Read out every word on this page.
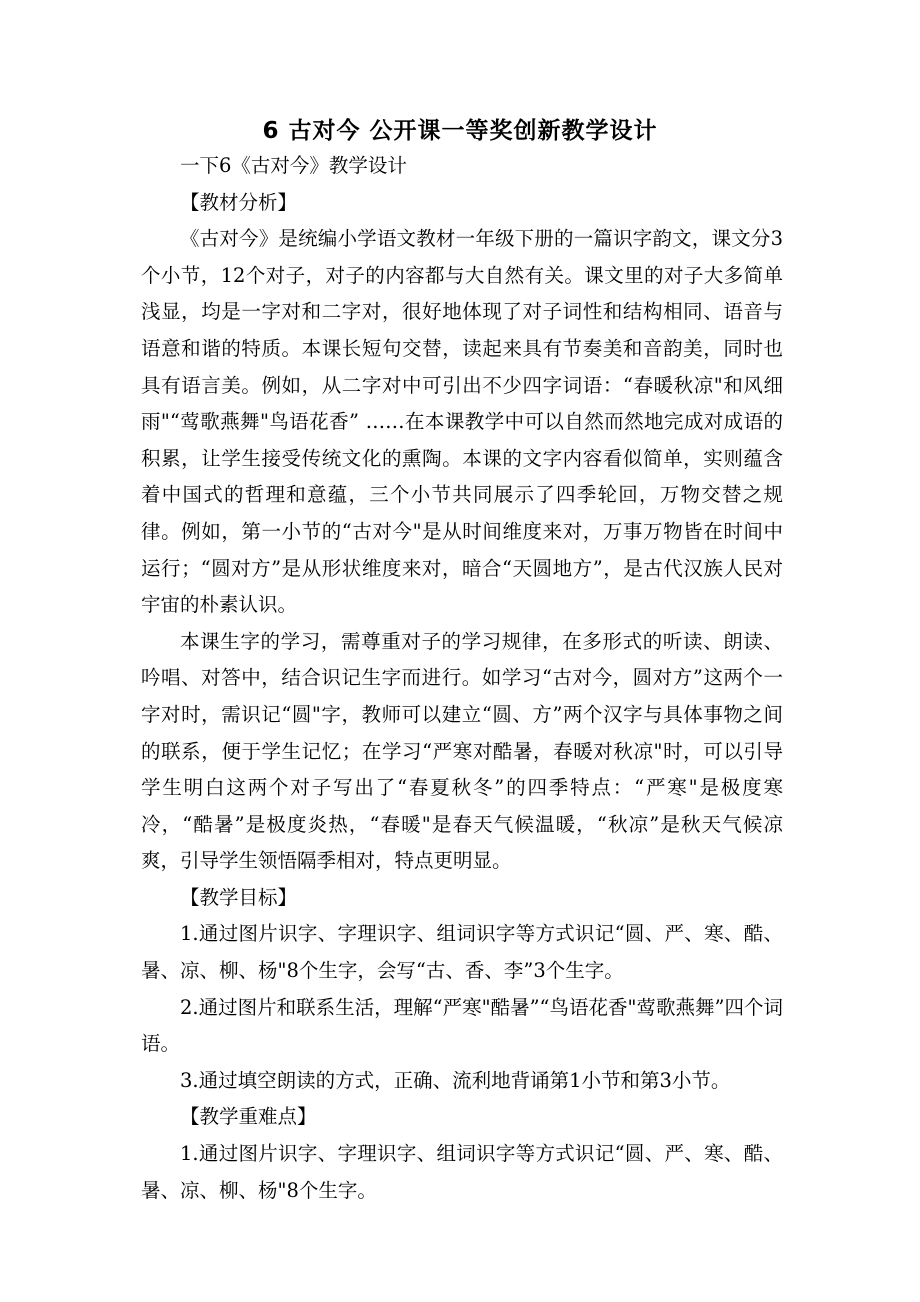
6 古对今 公开课一等奖创新教学设计

一下6《古对今》教学设计

【教材分析】

《古对今》是统编小学语文教材一年级下册的一篇识字韵文，课文分3个小节，12个对子，对子的内容都与大自然有关。课文里的对子大多简单浅显，均是一字对和二字对，很好地体现了对子词性和结构相同、语音与语意和谐的特质。本课长短句交替，读起来具有节奏美和音韵美，同时也具有语言美。例如，从二字对中可引出不少四字词语：“春暖秋凉"和风细雨"“莺歌燕舞"鸟语花香” ……在本课教学中可以自然而然地完成对成语的积累，让学生接受传统文化的熏陶。本课的文字内容看似简单，实则蕴含着中国式的哲理和意蕴，三个小节共同展示了四季轮回，万物交替之规律。例如，第一小节的“古对今"是从时间维度来对，万事万物皆在时间中运行；“圆对方”是从形状维度来对，暗合“天圆地方”，是古代汉族人民对宇宙的朴素认识。

本课生字的学习，需尊重对子的学习规律，在多形式的听读、朗读、吟唱、对答中，结合识记生字而进行。如学习“古对今，圆对方”这两个一字对时，需识记“圆"字，教师可以建立“圆、方”两个汉字与具体事物之间的联系，便于学生记忆；在学习“严寒对酷暑，春暖对秋凉"时，可以引导学生明白这两个对子写出了“春夏秋冬”的四季特点：“严寒"是极度寒冷，“酷暑”是极度炎热，“春暖"是春天气候温暖，“秋凉”是秋天气候凉爽，引导学生领悟隔季相对，特点更明显。

【教学目标】

1.通过图片识字、字理识字、组词识字等方式识记“圆、严、寒、酷、暑、凉、柳、杨"8个生字，会写“古、香、李”3个生字。

2.通过图片和联系生活，理解“严寒"酷暑”“鸟语花香"莺歌燕舞”四个词语。

3.通过填空朗读的方式，正确、流利地背诵第1小节和第3小节。

【教学重难点】

1.通过图片识字、字理识字、组词识字等方式识记“圆、严、寒、酷、暑、凉、柳、杨"8个生字。
